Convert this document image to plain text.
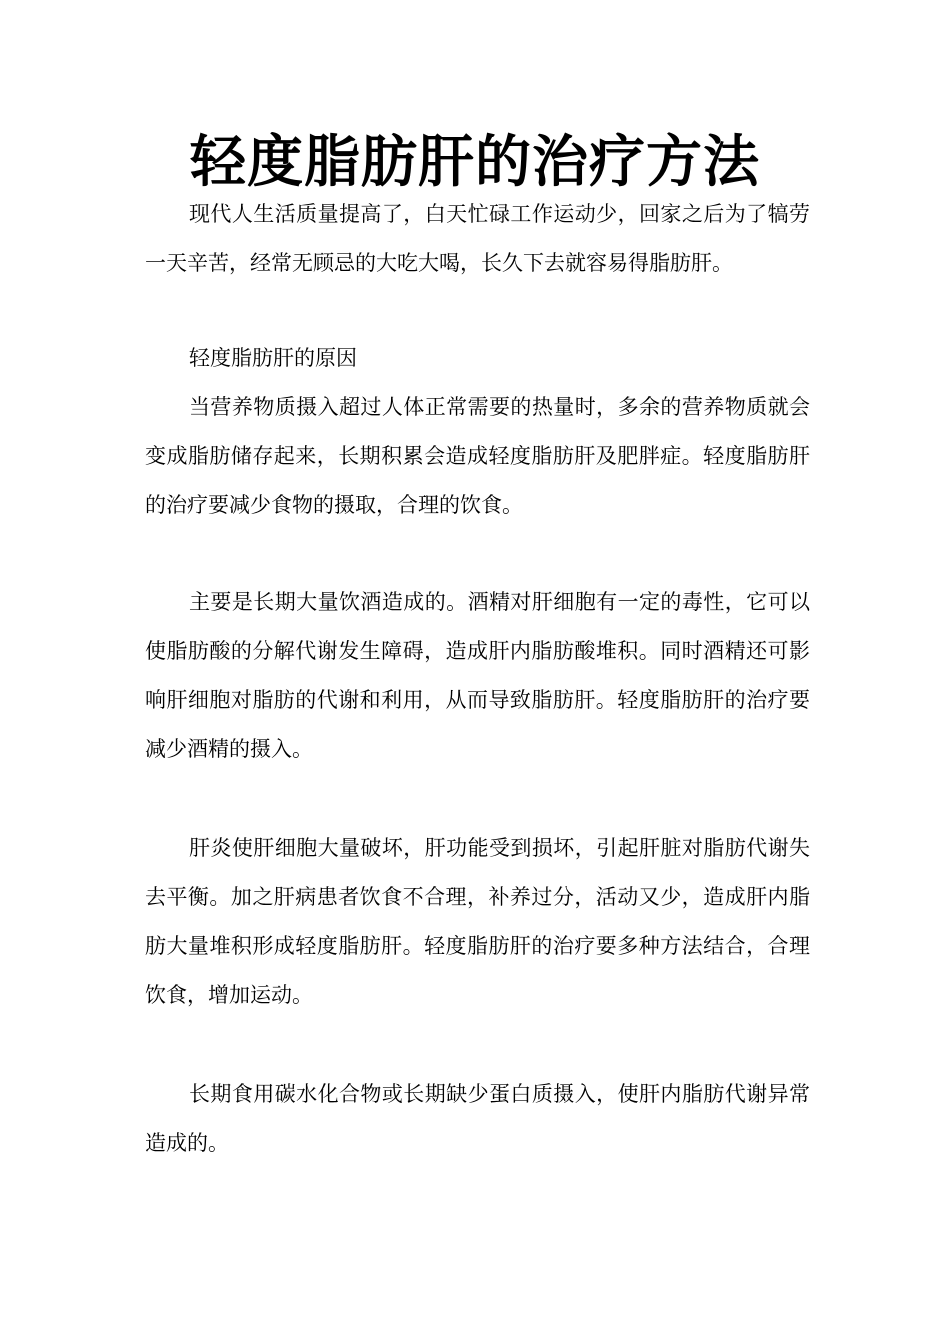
轻度脂肪肝的治疗方法

现代人生活质量提高了，白天忙碌工作运动少，回家之后为了犒劳一天辛苦，经常无顾忌的大吃大喝，长久下去就容易得脂肪肝。

轻度脂肪肝的原因

当营养物质摄入超过人体正常需要的热量时，多余的营养物质就会变成脂肪储存起来，长期积累会造成轻度脂肪肝及肥胖症。轻度脂肪肝的治疗要减少食物的摄取，合理的饮食。

主要是长期大量饮酒造成的。酒精对肝细胞有一定的毒性，它可以使脂肪酸的分解代谢发生障碍，造成肝内脂肪酸堆积。同时酒精还可影响肝细胞对脂肪的代谢和利用，从而导致脂肪肝。轻度脂肪肝的治疗要减少酒精的摄入。

肝炎使肝细胞大量破坏，肝功能受到损坏，引起肝脏对脂肪代谢失去平衡。加之肝病患者饮食不合理，补养过分，活动又少，造成肝内脂肪大量堆积形成轻度脂肪肝。轻度脂肪肝的治疗要多种方法结合，合理饮食，增加运动。

长期食用碳水化合物或长期缺少蛋白质摄入，使肝内脂肪代谢异常造成的。
